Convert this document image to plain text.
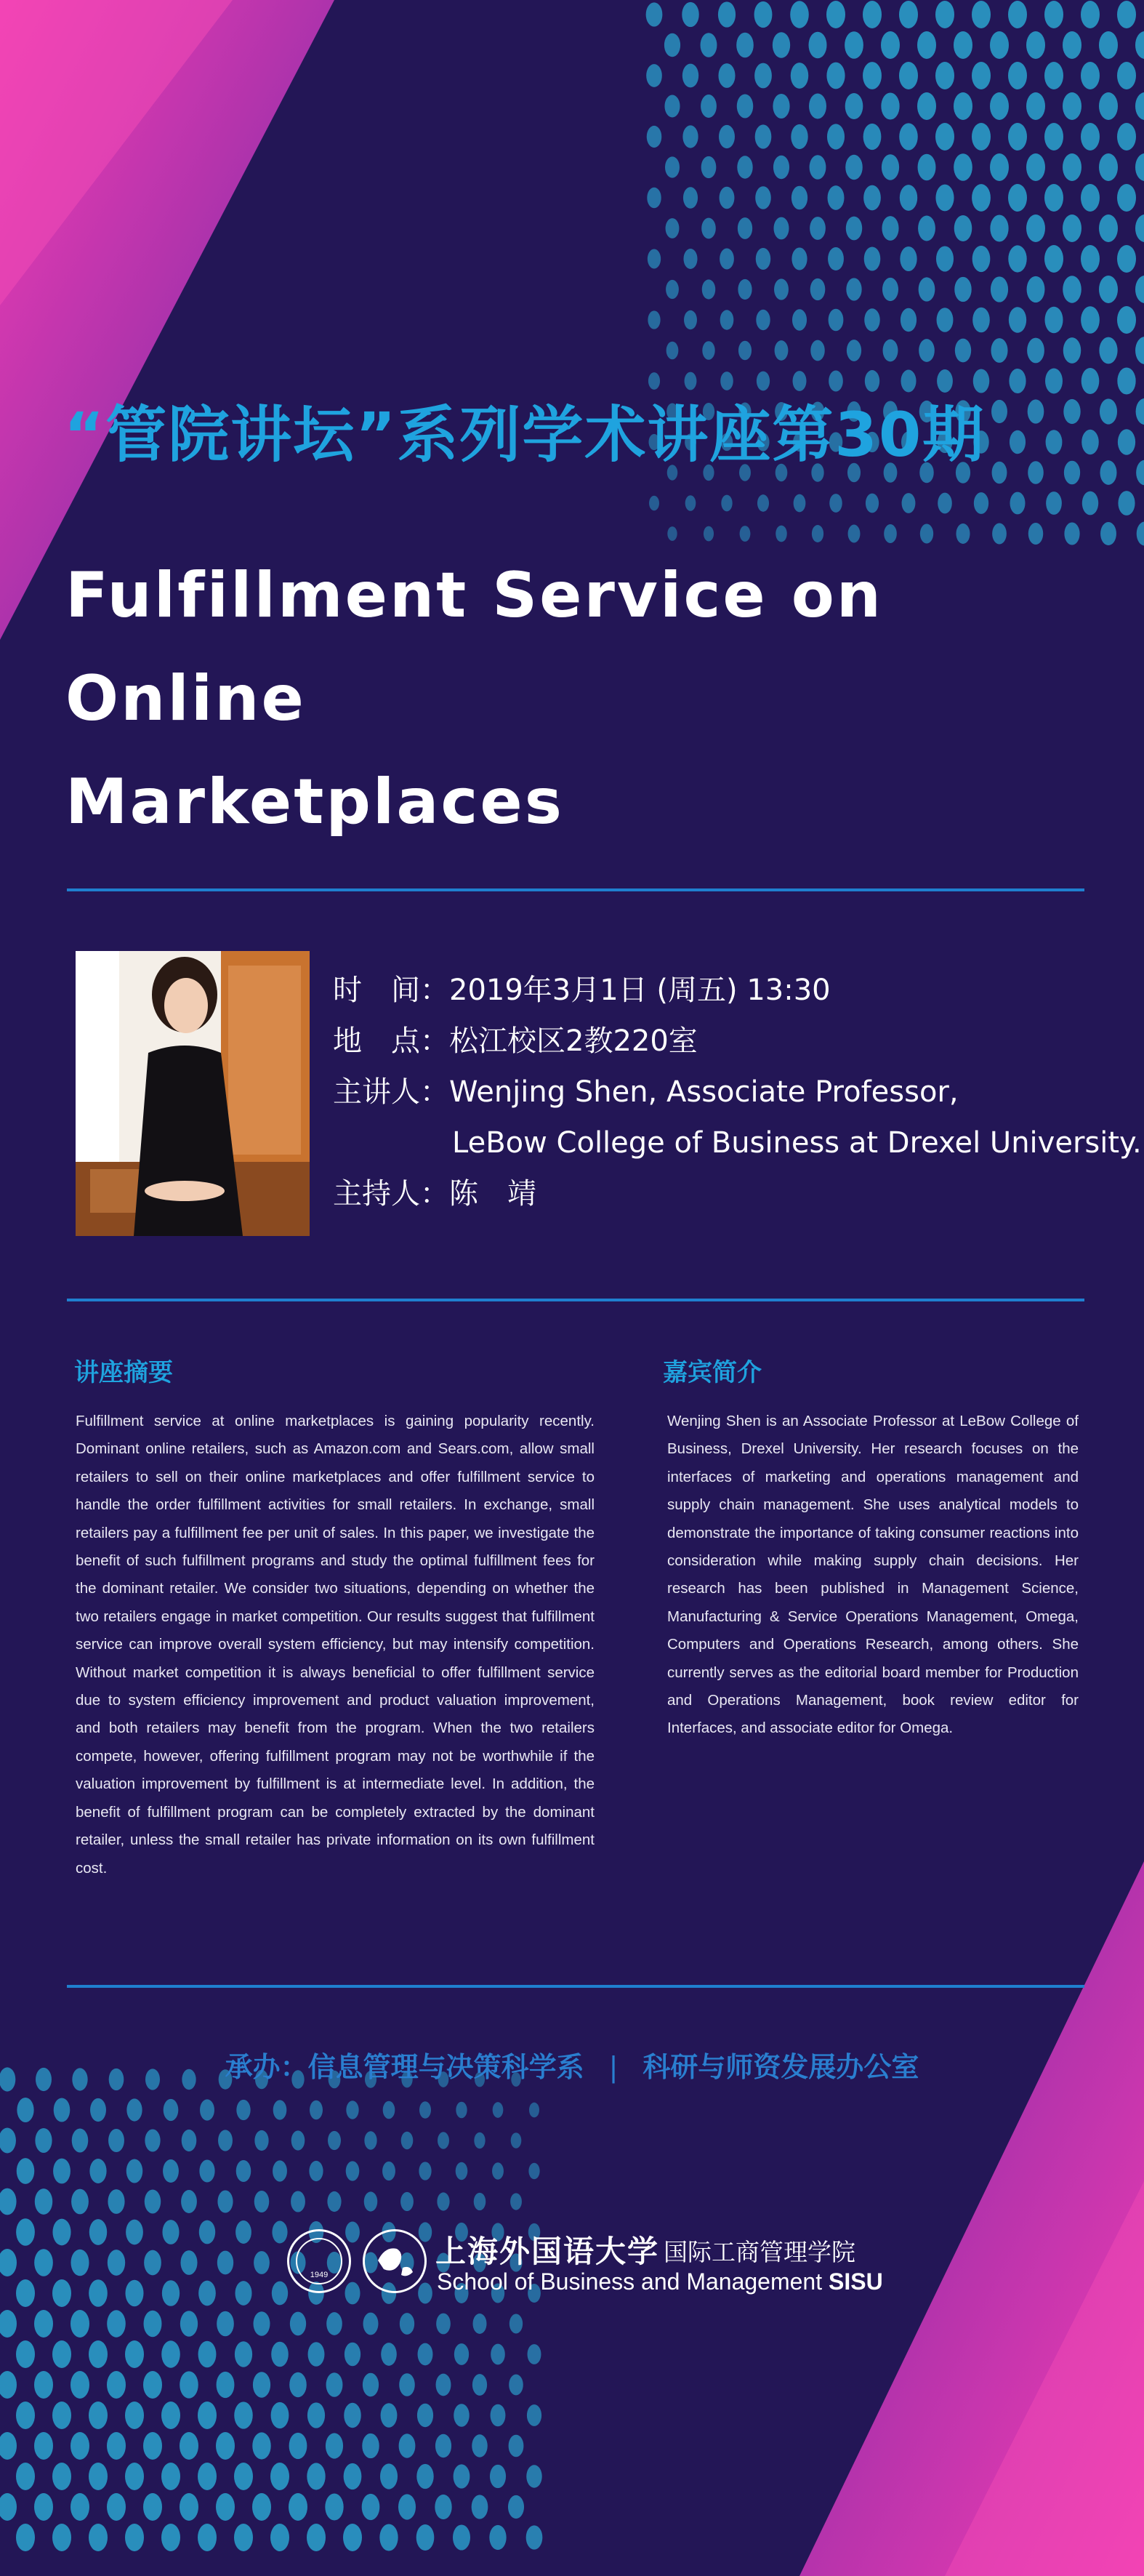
“管院讲坛”系列学术讲座第30期
Fulfillment Service on Online
Marketplaces
时　间：2019年3月1日 (周五) 13:30
地　点：松江校区2教220室
主讲人：Wenjing Shen, Associate Professor,
LeBow College of Business at Drexel University.
主持人：陈　靖
讲座摘要
Fulfillment service at online marketplaces is gaining popularity recently. Dominant online retailers, such as Amazon.com and Sears.com, allow small retailers to sell on their online marketplaces and offer fulfillment service to handle the order fulfillment activities for small retailers. In exchange, small retailers pay a fulfillment fee per unit of sales. In this paper, we investigate the benefit of such fulfillment programs and study the optimal fulfillment fees for the dominant retailer. We consider two situations, depending on whether the two retailers engage in market competition. Our results suggest that fulfillment service can improve overall system efficiency, but may intensify competition. Without market competition it is always beneficial to offer fulfillment service due to system efficiency improvement and product valuation improvement, and both retailers may benefit from the program. When the two retailers compete, however, offering fulfillment program may not be worthwhile if the valuation improvement by fulfillment is at intermediate level. In addition, the benefit of fulfillment program can be completely extracted by the dominant retailer, unless the small retailer has private information on its own fulfillment cost.
嘉宾简介
Wenjing Shen is an Associate Professor at LeBow College of Business, Drexel University. Her research focuses on the interfaces of marketing and operations management and supply chain management. She uses analytical models to demonstrate the importance of taking consumer reactions into consideration while making supply chain decisions. Her research has been published in Management Science, Manufacturing & Service Operations Management, Omega, Computers and Operations Research, among others. She currently serves as the editorial board member for Production and Operations Management, book review editor for Interfaces, and associate editor for Omega.
承办：信息管理与决策科学系 | 科研与师资发展办公室
1949
上海外国语大学 国际工商管理学院
School of Business and Management SISU
